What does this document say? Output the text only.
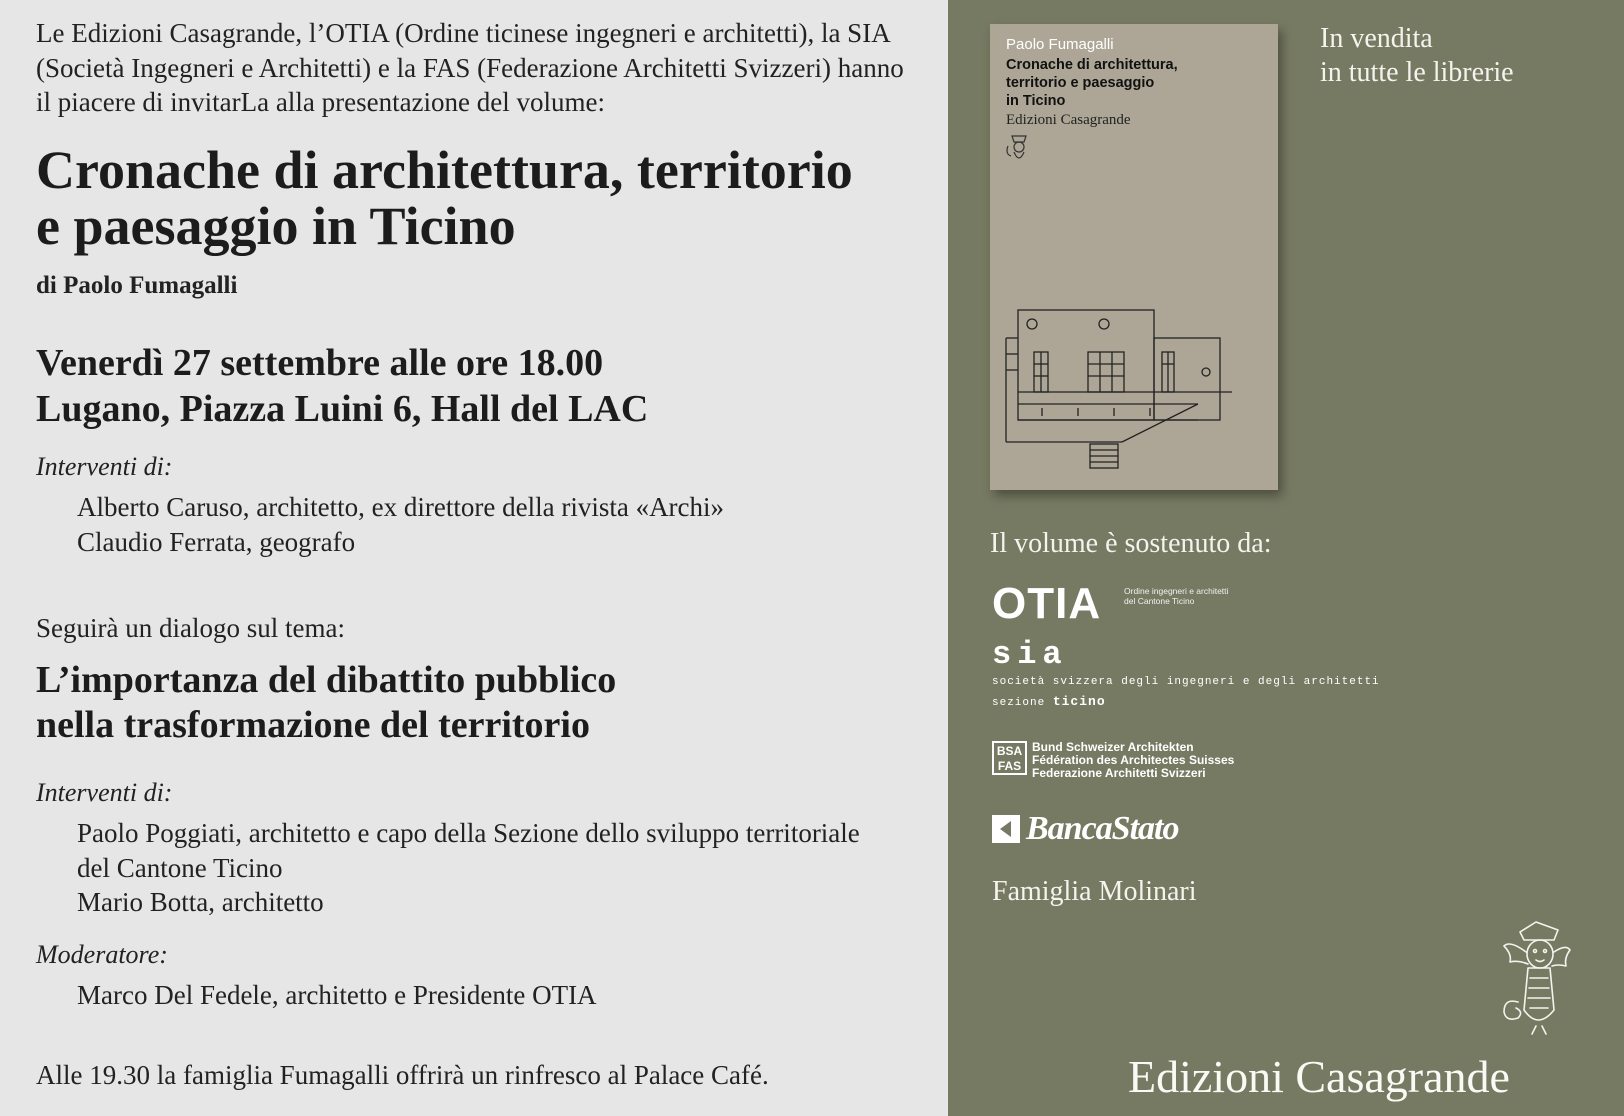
Le Edizioni Casagrande, l’OTIA (Ordine ticinese ingegneri e architetti), la SIA (Società Ingegneri e Architetti) e la FAS (Federazione Architetti Svizzeri) hanno il piacere di invitarLa alla presentazione del volume:

Cronache di architettura, territorio
e paesaggio in Ticino

di Paolo Fumagalli

Venerdì 27 settembre alle ore 18.00
Lugano, Piazza Luini 6, Hall del LAC

Interventi di:

Alberto Caruso, architetto, ex direttore della rivista «Archi»

Claudio Ferrata, geografo

Seguirà un dialogo sul tema:

L’importanza del dibattito pubblico
nella trasformazione del territorio

Interventi di:

Paolo Poggiati, architetto e capo della Sezione dello sviluppo territoriale

del Cantone Ticino

Mario Botta, architetto

Moderatore:

Marco Del Fedele, architetto e Presidente OTIA

Alle 19.30 la famiglia Fumagalli offrirà un rinfresco al Palace Café.

Paolo Fumagalli

Cronache di architettura,
territorio e paesaggio
in Ticino

Edizioni Casagrande

In vendita
in tutte le librerie

Il volume è sostenuto da:

OTIA	Ordine ingegneri e architetti
del Cantone Ticino

sia

società svizzera degli ingegneri e degli architetti

sezione ticino

BSA
FAS

Bund Schweizer Architekten

Fédération des Architectes Suisses

Federazione Architetti Svizzeri

BancaStato

Famiglia Molinari

Edizioni Casagrande
